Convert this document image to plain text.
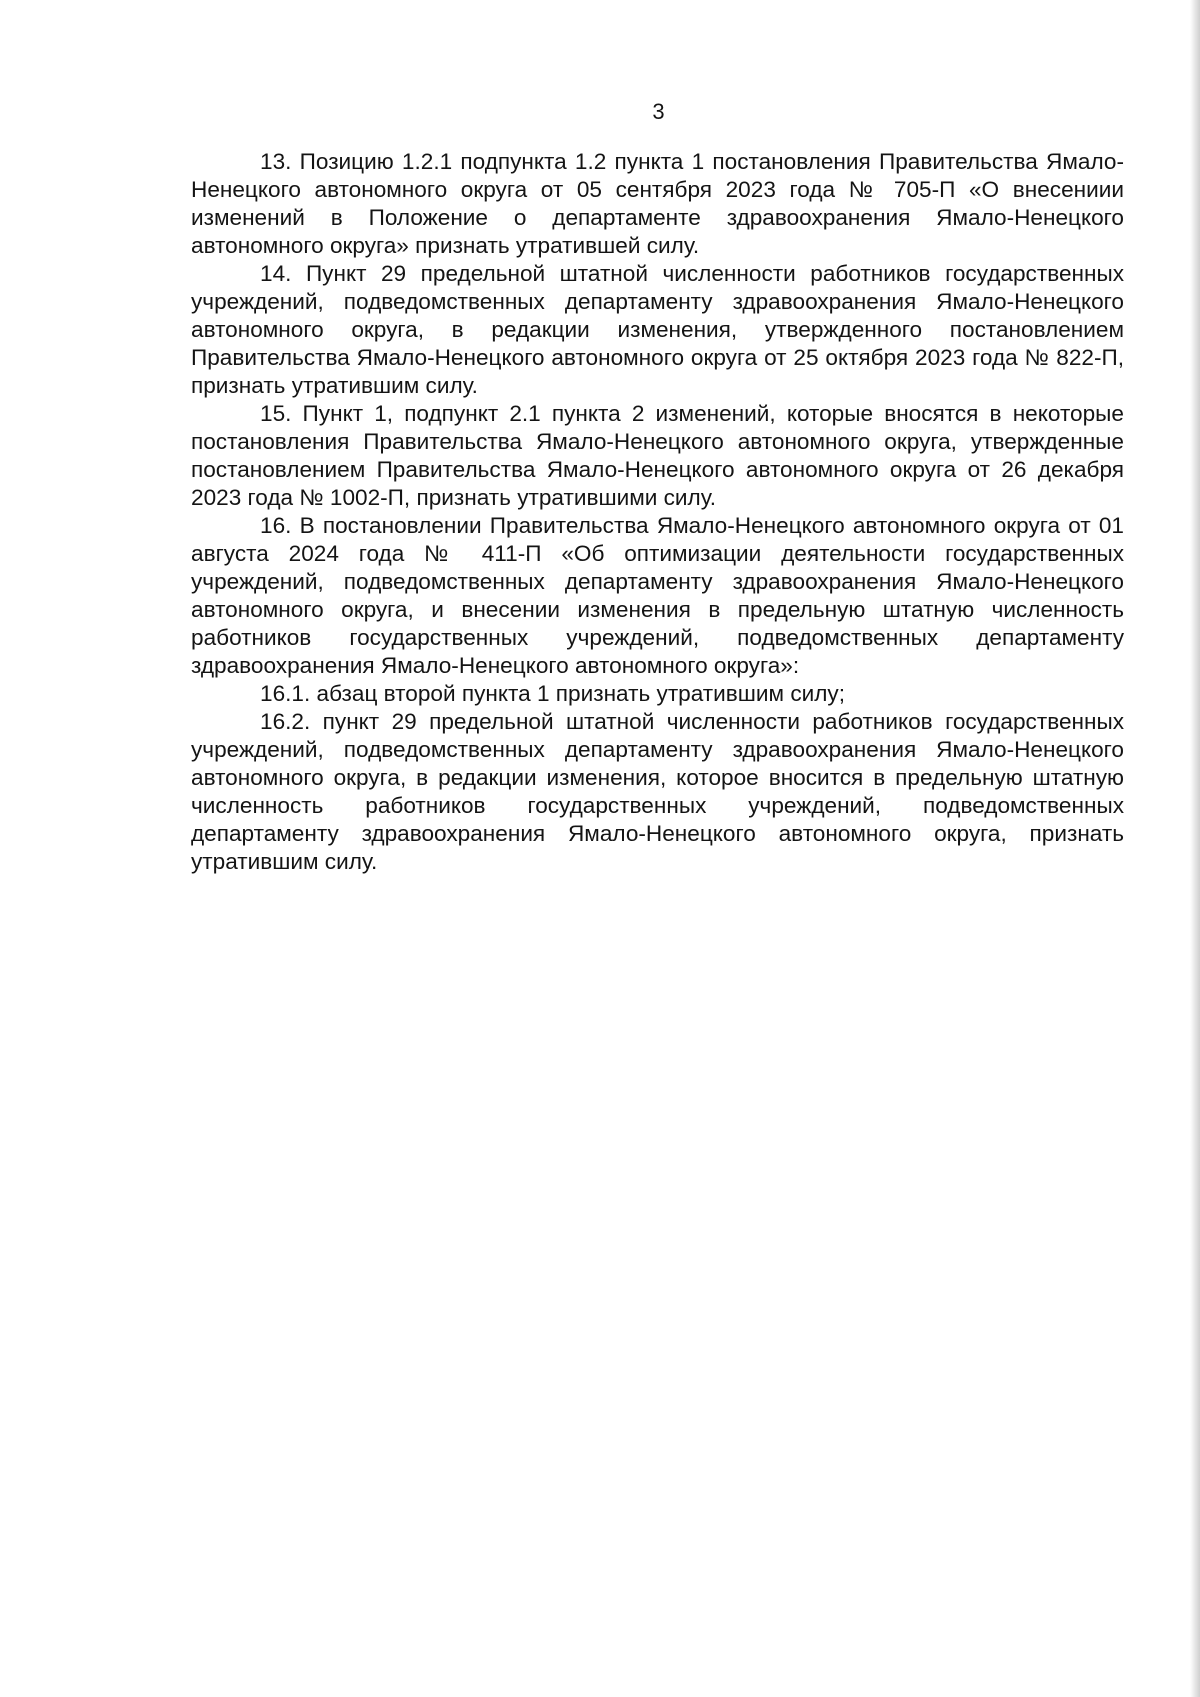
3

13. Позицию 1.2.1 подпункта 1.2 пункта 1 постановления Правительства Ямало-Ненецкого автономного округа от 05 сентября 2023 года № 705-П «О внесениии изменений в Положение о департаменте здравоохранения Ямало-Ненецкого автономного округа» признать утратившей силу.

14. Пункт 29 предельной штатной численности работников государственных учреждений, подведомственных департаменту здравоохранения Ямало-Ненецкого автономного округа, в редакции изменения, утвержденного постановлением Правительства Ямало-Ненецкого автономного округа от 25 октября 2023 года № 822-П, признать утратившим силу.

15. Пункт 1, подпункт 2.1 пункта 2 изменений, которые вносятся в некоторые постановления Правительства Ямало-Ненецкого автономного округа, утвержденные постановлением Правительства Ямало-Ненецкого автономного округа от 26 декабря 2023 года № 1002-П, признать утратившими силу.

16. В постановлении Правительства Ямало-Ненецкого автономного округа от 01 августа 2024 года № 411-П «Об оптимизации деятельности государственных учреждений, подведомственных департаменту здравоохранения Ямало-Ненецкого автономного округа, и внесении изменения в предельную штатную численность работников государственных учреждений, подведомственных департаменту здравоохранения Ямало-Ненецкого автономного округа»:

16.1. абзац второй пункта 1 признать утратившим силу;

16.2. пункт 29 предельной штатной численности работников государственных учреждений, подведомственных департаменту здравоохранения Ямало-Ненецкого автономного округа, в редакции изменения, которое вносится в предельную штатную численность работников государственных учреждений, подведомственных департаменту здравоохранения Ямало-Ненецкого автономного округа, признать утратившим силу.
